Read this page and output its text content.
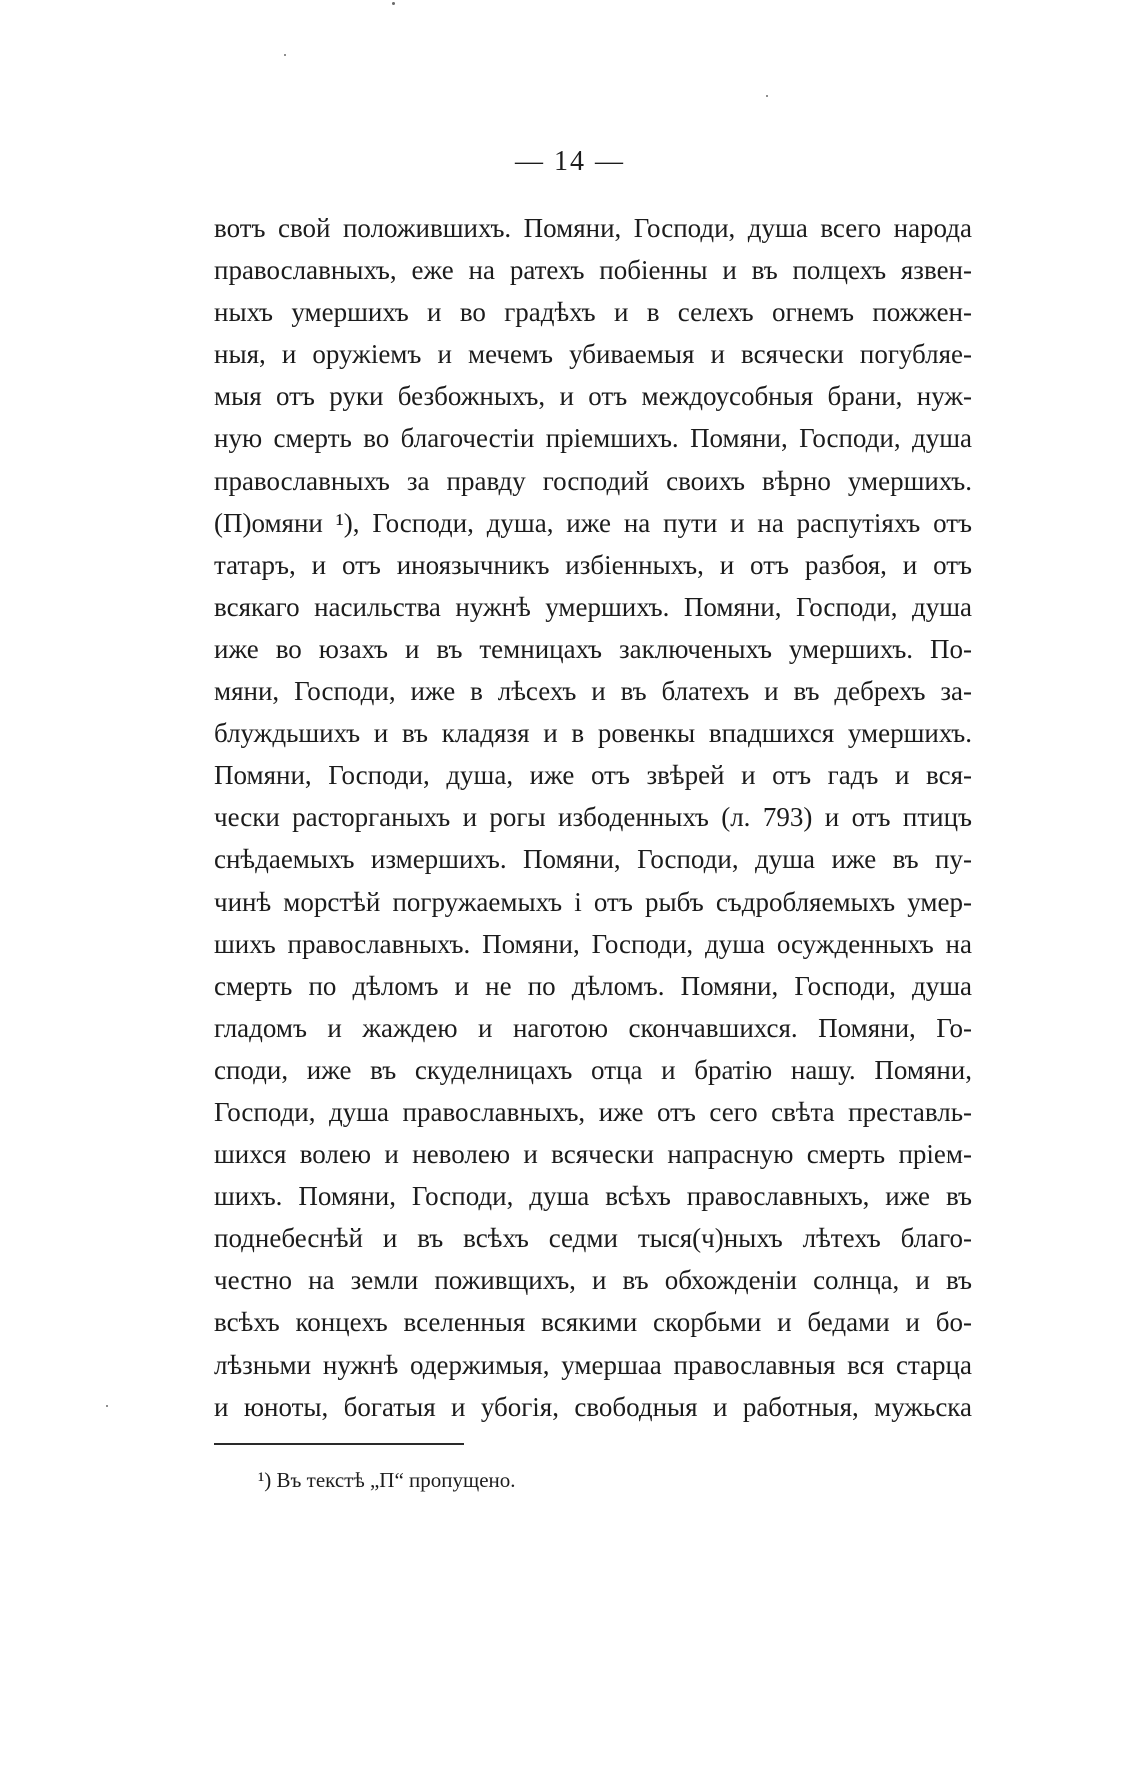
— 14 —
вотъ свой положившихъ. Помяни, Господи, душа всего народа
православныхъ, еже на ратехъ побіенны и въ полцехъ язвен-
ныхъ умершихъ и во градѣхъ и в селехъ огнемъ пожжен-
ныя, и оружіемъ и мечемъ убиваемыя и всячески погубляе-
мыя отъ руки безбожныхъ, и отъ междоусобныя брани, нуж-
ную смерть во благочестіи пріемшихъ. Помяни, Господи, душа
православныхъ за правду господий своихъ вѣрно умершихъ.
(П)омяни ¹), Господи, душа, иже на пути и на распутіяхъ отъ
татаръ, и отъ иноязычникъ избіенныхъ, и отъ разбоя, и отъ
всякаго насильства нужнѣ умершихъ. Помяни, Господи, душа
иже во юзахъ и въ темницахъ заключеныхъ умершихъ. По-
мяни, Господи, иже в лѣсехъ и въ блатехъ и въ дебрехъ за-
блуждьшихъ и въ кладязя и в ровенкы впадшихся умершихъ.
Помяни, Господи, душа, иже отъ звѣрей и отъ гадъ и вся-
чески расторганыхъ и рогы избоденныхъ (л. 793) и отъ птицъ
снѣдаемыхъ измершихъ. Помяни, Господи, душа иже въ пу-
чинѣ морстѣй погружаемыхъ і отъ рыбъ съдробляемыхъ умер-
шихъ православныхъ. Помяни, Господи, душа осужденныхъ на
смерть по дѣломъ и не по дѣломъ. Помяни, Господи, душа
гладомъ и жаждею и наготою скончавшихся. Помяни, Го-
споди, иже въ скуделницахъ отца и братію нашу. Помяни,
Господи, душа православныхъ, иже отъ сего свѣта преставль-
шихся волею и неволею и всячески напрасную смерть пріем-
шихъ. Помяни, Господи, душа всѣхъ православныхъ, иже въ
поднебеснѣй и въ всѣхъ седми тыся(ч)ныхъ лѣтехъ благо-
честно на земли поживщихъ, и въ обхожденіи солнца, и въ
всѣхъ концехъ вселенныя всякими скорбьми и бедами и бо-
лѣзньми нужнѣ одержимыя, умершаа православныя вся старца
и юноты, богатыя и убогія, свободныя и работныя, мужьска
¹) Въ текстѣ „П“ пропущено.
